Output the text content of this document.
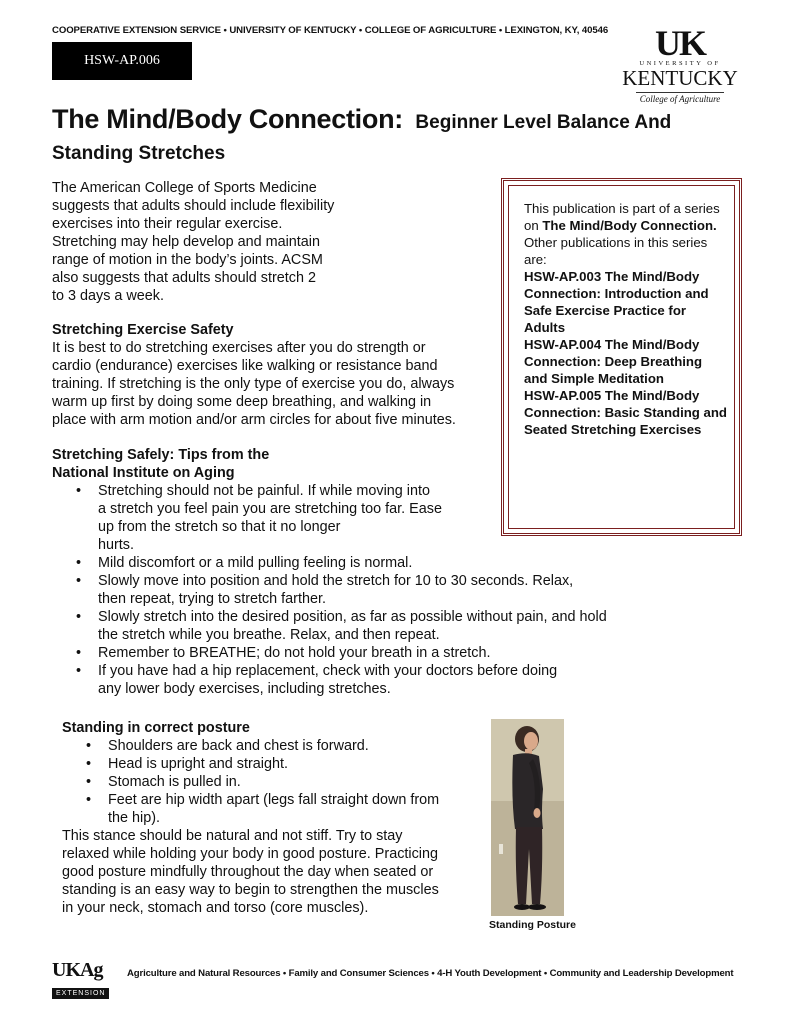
COOPERATIVE EXTENSION SERVICE • UNIVERSITY OF KENTUCKY • COLLEGE OF AGRICULTURE • LEXINGTON, KY, 40546
HSW-AP.006	UK
UNIVERSITY OF
KENTUCKY
College of Agriculture
The Mind/Body Connection: Beginner Level Balance And Standing Stretches
The American College of Sports Medicine
suggests that adults should include flexibility
exercises into their regular exercise.
Stretching may help develop and maintain
range of motion in the body’s joints. ACSM
also suggests that adults should stretch 2
to 3 days a week.
Stretching Exercise Safety
It is best to do stretching exercises after you do strength or
cardio (endurance) exercises like walking or resistance band
training. If stretching is the only type of exercise you do, always
warm up first by doing some deep breathing, and walking in
place with arm motion and/or arm circles for about five minutes.
Stretching Safely: Tips from the
National Institute on Aging
• Stretching should not be painful. If while moving into
a stretch you feel pain you are stretching too far. Ease
up from the stretch so that it no longer
hurts.
• Mild discomfort or a mild pulling feeling is normal.
• Slowly move into position and hold the stretch for 10 to 30 seconds. Relax,
then repeat, trying to stretch farther.
• Slowly stretch into the desired position, as far as possible without pain, and hold
the stretch while you breathe. Relax, and then repeat.
• Remember to BREATHE; do not hold your breath in a stretch.
• If you have had a hip replacement, check with your doctors before doing
any lower body exercises, including stretches.
This publication is part of a series on The Mind/Body Connection.
Other publications in this series are:
HSW-AP.003 The Mind/Body Connection: Introduction and Safe Exercise Practice for Adults
HSW-AP.004 The Mind/Body Connection: Deep Breathing and Simple Meditation
HSW-AP.005 The Mind/Body Connection: Basic Standing and Seated Stretching Exercises
Standing in correct posture
• Shoulders are back and chest is forward.
• Head is upright and straight.
• Stomach is pulled in.
• Feet are hip width apart (legs fall straight down from
the hip).
This stance should be natural and not stiff. Try to stay
relaxed while holding your body in good posture. Practicing
good posture mindfully throughout the day when seated or
standing is an easy way to begin to strengthen the muscles
in your neck, stomach and torso (core muscles).
Standing Posture
UKAg
EXTENSION
Agriculture and Natural Resources • Family and Consumer Sciences • 4-H Youth Development • Community and Leadership Development
